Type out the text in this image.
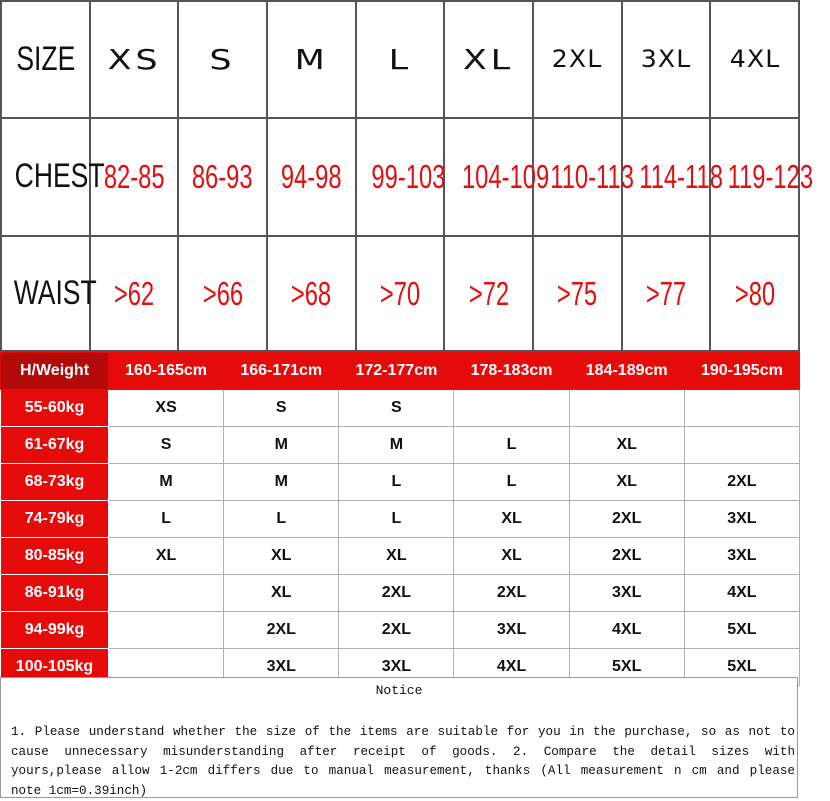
SIZE	XS	S	M	L	XL	2XL	3XL	4XL
CHEST	82-85	86-93	94-98	99-103	104-109	110-113	114-118	119-123
WAIST	>62	>66	>68	>70	>72	>75	>77	>80
H/Weight	160-165cm	166-171cm	172-177cm	178-183cm	184-189cm	190-195cm
55-60kg	XS	S	S			
61-67kg	S	M	M	L	XL	
68-73kg	M	M	L	L	XL	2XL
74-79kg	L	L	L	XL	2XL	3XL
80-85kg	XL	XL	XL	XL	2XL	3XL
86-91kg		XL	2XL	2XL	3XL	4XL
94-99kg		2XL	2XL	3XL	4XL	5XL
100-105kg		3XL	3XL	4XL	5XL	5XL
Notice
1. Please understand whether the size of the items are suitable for you in the purchase, so as not to cause unnecessary misunderstanding after receipt of goods. 2. Compare the detail sizes with yours,please allow 1-2cm differs due to manual measurement, thanks (All measurement n cm and please note 1cm=0.39inch)
